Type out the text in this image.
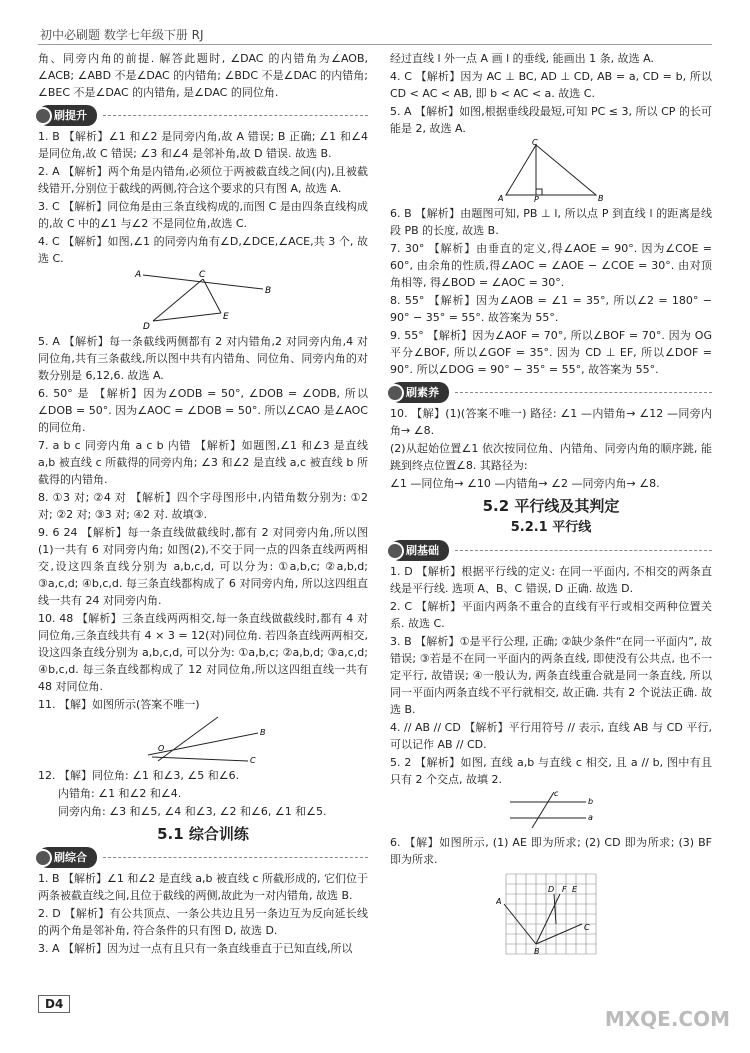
初中必刷题 数学七年级下册 RJ
角、同旁内角的前提. 解答此题时, ∠DAC 的内错角为∠AOB, ∠ACB; ∠ABD 不是∠DAC 的内错角; ∠BDC 不是∠DAC 的内错角; ∠BEC 不是∠DAC 的内错角, 是∠DAC 的同位角.
刷提升
1. B 【解析】∠1 和∠2 是同旁内角,故 A 错误; B 正确; ∠1 和∠4 是同位角,故 C 错误; ∠3 和∠4 是邻补角,故 D 错误. 故选 B.
2. A 【解析】两个角是内错角,必须位于两被截直线之间(内),且被截线错开,分别位于截线的两侧,符合这个要求的只有图 A, 故选 A.
3. C 【解析】同位角是由三条直线构成的,而图 C 是由四条直线构成的,故 C 中的∠1 与∠2 不是同位角,故选 C.
4. C 【解析】如图,∠1 的同旁内角有∠D,∠DCE,∠ACE,共 3 个, 故选 C.
A	C
B
D
E
5. A 【解析】每一条截线两侧都有 2 对内错角,2 对同旁内角,4 对同位角,共有三条截线,所以图中共有内错角、同位角、同旁内角的对数分别是 6,12,6. 故选 A.
6. 50° 是 【解析】因为∠ODB = 50°, ∠DOB = ∠ODB, 所以∠DOB = 50°. 因为∠AOC = ∠DOB = 50°. 所以∠CAO 是∠AOC 的同位角.
7. a b c 同旁内角 a c b 内错 【解析】如题图,∠1 和∠3 是直线 a,b 被直线 c 所截得的同旁内角; ∠3 和∠2 是直线 a,c 被直线 b 所截得的内错角.
8. ①3 对; ②4 对 【解析】四个字母图形中,内错角数分别为: ①2 对; ②2 对; ③3 对; ④2 对. 故填③.
9. 6 24 【解析】每一条直线做截线时,都有 2 对同旁内角,所以图(1)一共有 6 对同旁内角; 如图(2),不交于同一点的四条直线两两相交,设这四条直线分别为 a,b,c,d, 可以分为: ①a,b,c; ②a,b,d; ③a,c,d; ④b,c,d. 每三条直线都构成了 6 对同旁内角, 所以这四组直线一共有 24 对同旁内角.
10. 48 【解析】三条直线两两相交,每一条直线做截线时,都有 4 对同位角,三条直线共有 4 × 3 = 12(对)同位角. 若四条直线两两相交,设这四条直线分别为 a,b,c,d, 可以分为: ①a,b,c; ②a,b,d; ③a,c,d; ④b,c,d. 每三条直线都构成了 12 对同位角,所以这四组直线一共有 48 对同位角.
11. 【解】如图所示(答案不唯一)
O
B
C
12. 【解】同位角: ∠1 和∠3, ∠5 和∠6.
内错角: ∠1 和∠2 和∠4.
同旁内角: ∠3 和∠5, ∠4 和∠3, ∠2 和∠6, ∠1 和∠5.
5.1 综合训练
刷综合
1. B 【解析】∠1 和∠2 是直线 a,b 被直线 c 所截形成的, 它们位于两条被截直线之间,且位于截线的两侧,故此为一对内错角, 故选 B.
2. D 【解析】有公共顶点、一条公共边且另一条边互为反向延长线的两个角是邻补角, 符合条件的只有图 D, 故选 D.
3. A 【解析】因为过一点有且只有一条直线垂直于已知直线,所以
经过直线 l 外一点 A 画 l 的垂线, 能画出 1 条, 故选 A.
4. C 【解析】因为 AC ⊥ BC, AD ⊥ CD, AB = a, CD = b, 所以 CD < AC < AB, 即 b < AC < a. 故选 C.
5. A 【解析】如图,根据垂线段最短,可知 PC ≤ 3, 所以 CP 的长可能是 2, 故选 A.
C
A	P	B
6. B 【解析】由题图可知, PB ⊥ l, 所以点 P 到直线 l 的距离是线段 PB 的长度, 故选 B.
7. 30° 【解析】由垂直的定义,得∠AOE = 90°. 因为∠COE = 60°, 由余角的性质,得∠AOC = ∠AOE − ∠COE = 30°. 由对顶角相等, 得∠BOD = ∠AOC = 30°.
8. 55° 【解析】因为∠AOB = ∠1 = 35°, 所以∠2 = 180° − 90° − 35° = 55°. 故答案为 55°.
9. 55° 【解析】因为∠AOF = 70°, 所以∠BOF = 70°. 因为 OG 平分∠BOF, 所以∠GOF = 35°. 因为 CD ⊥ EF, 所以∠DOF = 90°. 所以∠DOG = 90° − 35° = 55°, 故答案为 55°.
刷素养
10. 【解】(1)(答案不唯一) 路径: ∠1 —内错角→ ∠12 —同旁内角→ ∠8.
(2)从起始位置∠1 依次按同位角、内错角、同旁内角的顺序跳, 能跳到终点位置∠8. 其路径为:
∠1 —同位角→ ∠10 —内错角→ ∠2 —同旁内角→ ∠8.
5.2 平行线及其判定
5.2.1 平行线
刷基础
1. D 【解析】根据平行线的定义: 在同一平面内, 不相交的两条直线是平行线. 选项 A、B、C 错误, D 正确. 故选 D.
2. C 【解析】平面内两条不重合的直线有平行或相交两种位置关系. 故选 C.
3. B 【解析】①是平行公理, 正确; ②缺少条件“在同一平面内”, 故错误; ③若是不在同一平面内的两条直线, 即使没有公共点, 也不一定平行, 故错误; ④一般认为, 两条直线重合就是同一条直线, 所以同一平面内两条直线不平行就相交, 故正确. 共有 2 个说法正确. 故选 B.
4. // AB // CD 【解析】平行用符号 // 表示, 直线 AB 与 CD 平行, 可以记作 AB // CD.
5. 2 【解析】如图, 直线 a,b 与直线 c 相交, 且 a // b, 图中有且只有 2 个交点, 故填 2.
b
a
c
6. 【解】如图所示, (1) AE 即为所求; (2) CD 即为所求; (3) BF 即为所求.
A
B
C
D F E
D4
MXQE.COM
